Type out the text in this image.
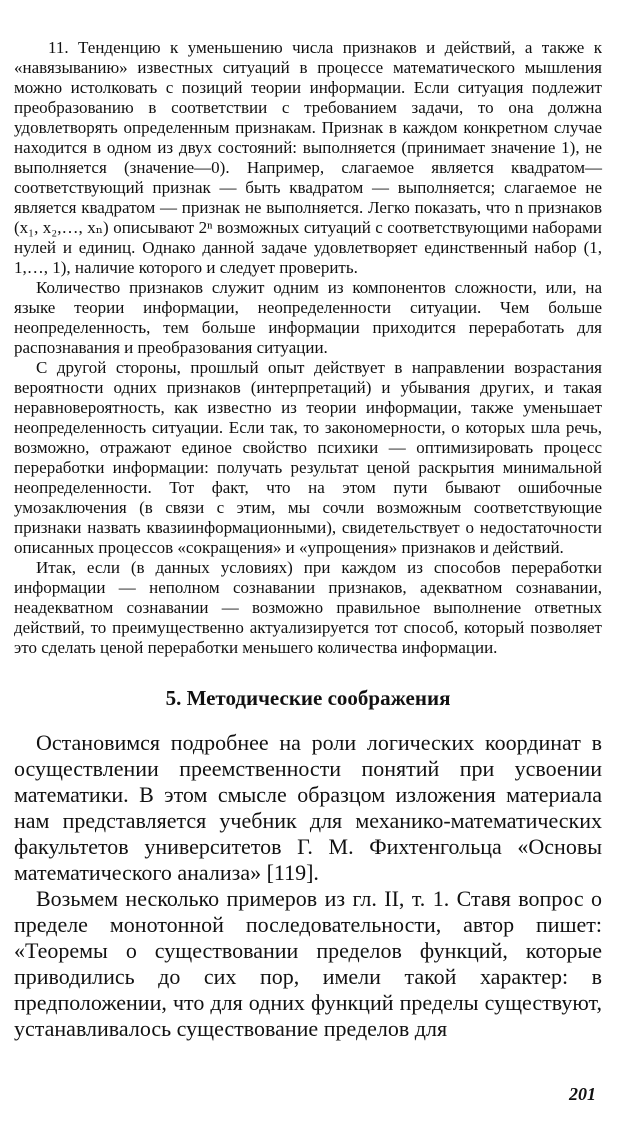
11. Тенденцию к уменьшению числа признаков и действий, а также к «навязыванию» известных ситуаций в процессе математического мышления можно истолковать с позиций теории информации. Если ситуация подлежит преобразованию в соответствии с требованием задачи, то она должна удовлетворять определенным признакам. Признак в каждом конкретном случае находится в одном из двух состояний: выполняется (принимает значение 1), не выполняется (значение—0). Например, слагаемое является квадратом—соответствующий признак — быть квадратом — выполняется; слагаемое не является квадратом — признак не выполняется. Легко показать, что n признаков (x₁, x₂,…, xₙ) описывают 2ⁿ возможных ситуаций с соответствующими наборами нулей и единиц. Однако данной задаче удовлетворяет единственный набор (1, 1,…, 1), наличие которого и следует проверить.

Количество признаков служит одним из компонентов сложности, или, на языке теории информации, неопределенности ситуации. Чем больше неопределенность, тем больше информации приходится переработать для распознавания и преобразования ситуации.

С другой стороны, прошлый опыт действует в направлении возрастания вероятности одних признаков (интерпретаций) и убывания других, и такая неравновероятность, как известно из теории информации, также уменьшает неопределенность ситуации. Если так, то закономерности, о которых шла речь, возможно, отражают единое свойство психики — оптимизировать процесс переработки информации: получать результат ценой раскрытия минимальной неопределенности. Тот факт, что на этом пути бывают ошибочные умозаключения (в связи с этим, мы сочли возможным соответствующие признаки назвать квазиинформационными), свидетельствует о недостаточности описанных процессов «сокращения» и «упрощения» признаков и действий.

Итак, если (в данных условиях) при каждом из способов переработки информации — неполном сознавании признаков, адекватном сознавании, неадекватном сознавании — возможно правильное выполнение ответных действий, то преимущественно актуализируется тот способ, который позволяет это сделать ценой переработки меньшего количества информации.

5. Методические соображения

Остановимся подробнее на роли логических координат в осуществлении преемственности понятий при усвоении математики. В этом смысле образцом изложения материала нам представляется учебник для механико-математических факультетов университетов Г. М. Фихтенгольца «Основы математического анализа» [119].

Возьмем несколько примеров из гл. II, т. 1. Ставя вопрос о пределе монотонной последовательности, автор пишет: «Теоремы о существовании пределов функций, которые приводились до сих пор, имели такой характер: в предположении, что для одних функций пределы существуют, устанавливалось существование пределов для

201
